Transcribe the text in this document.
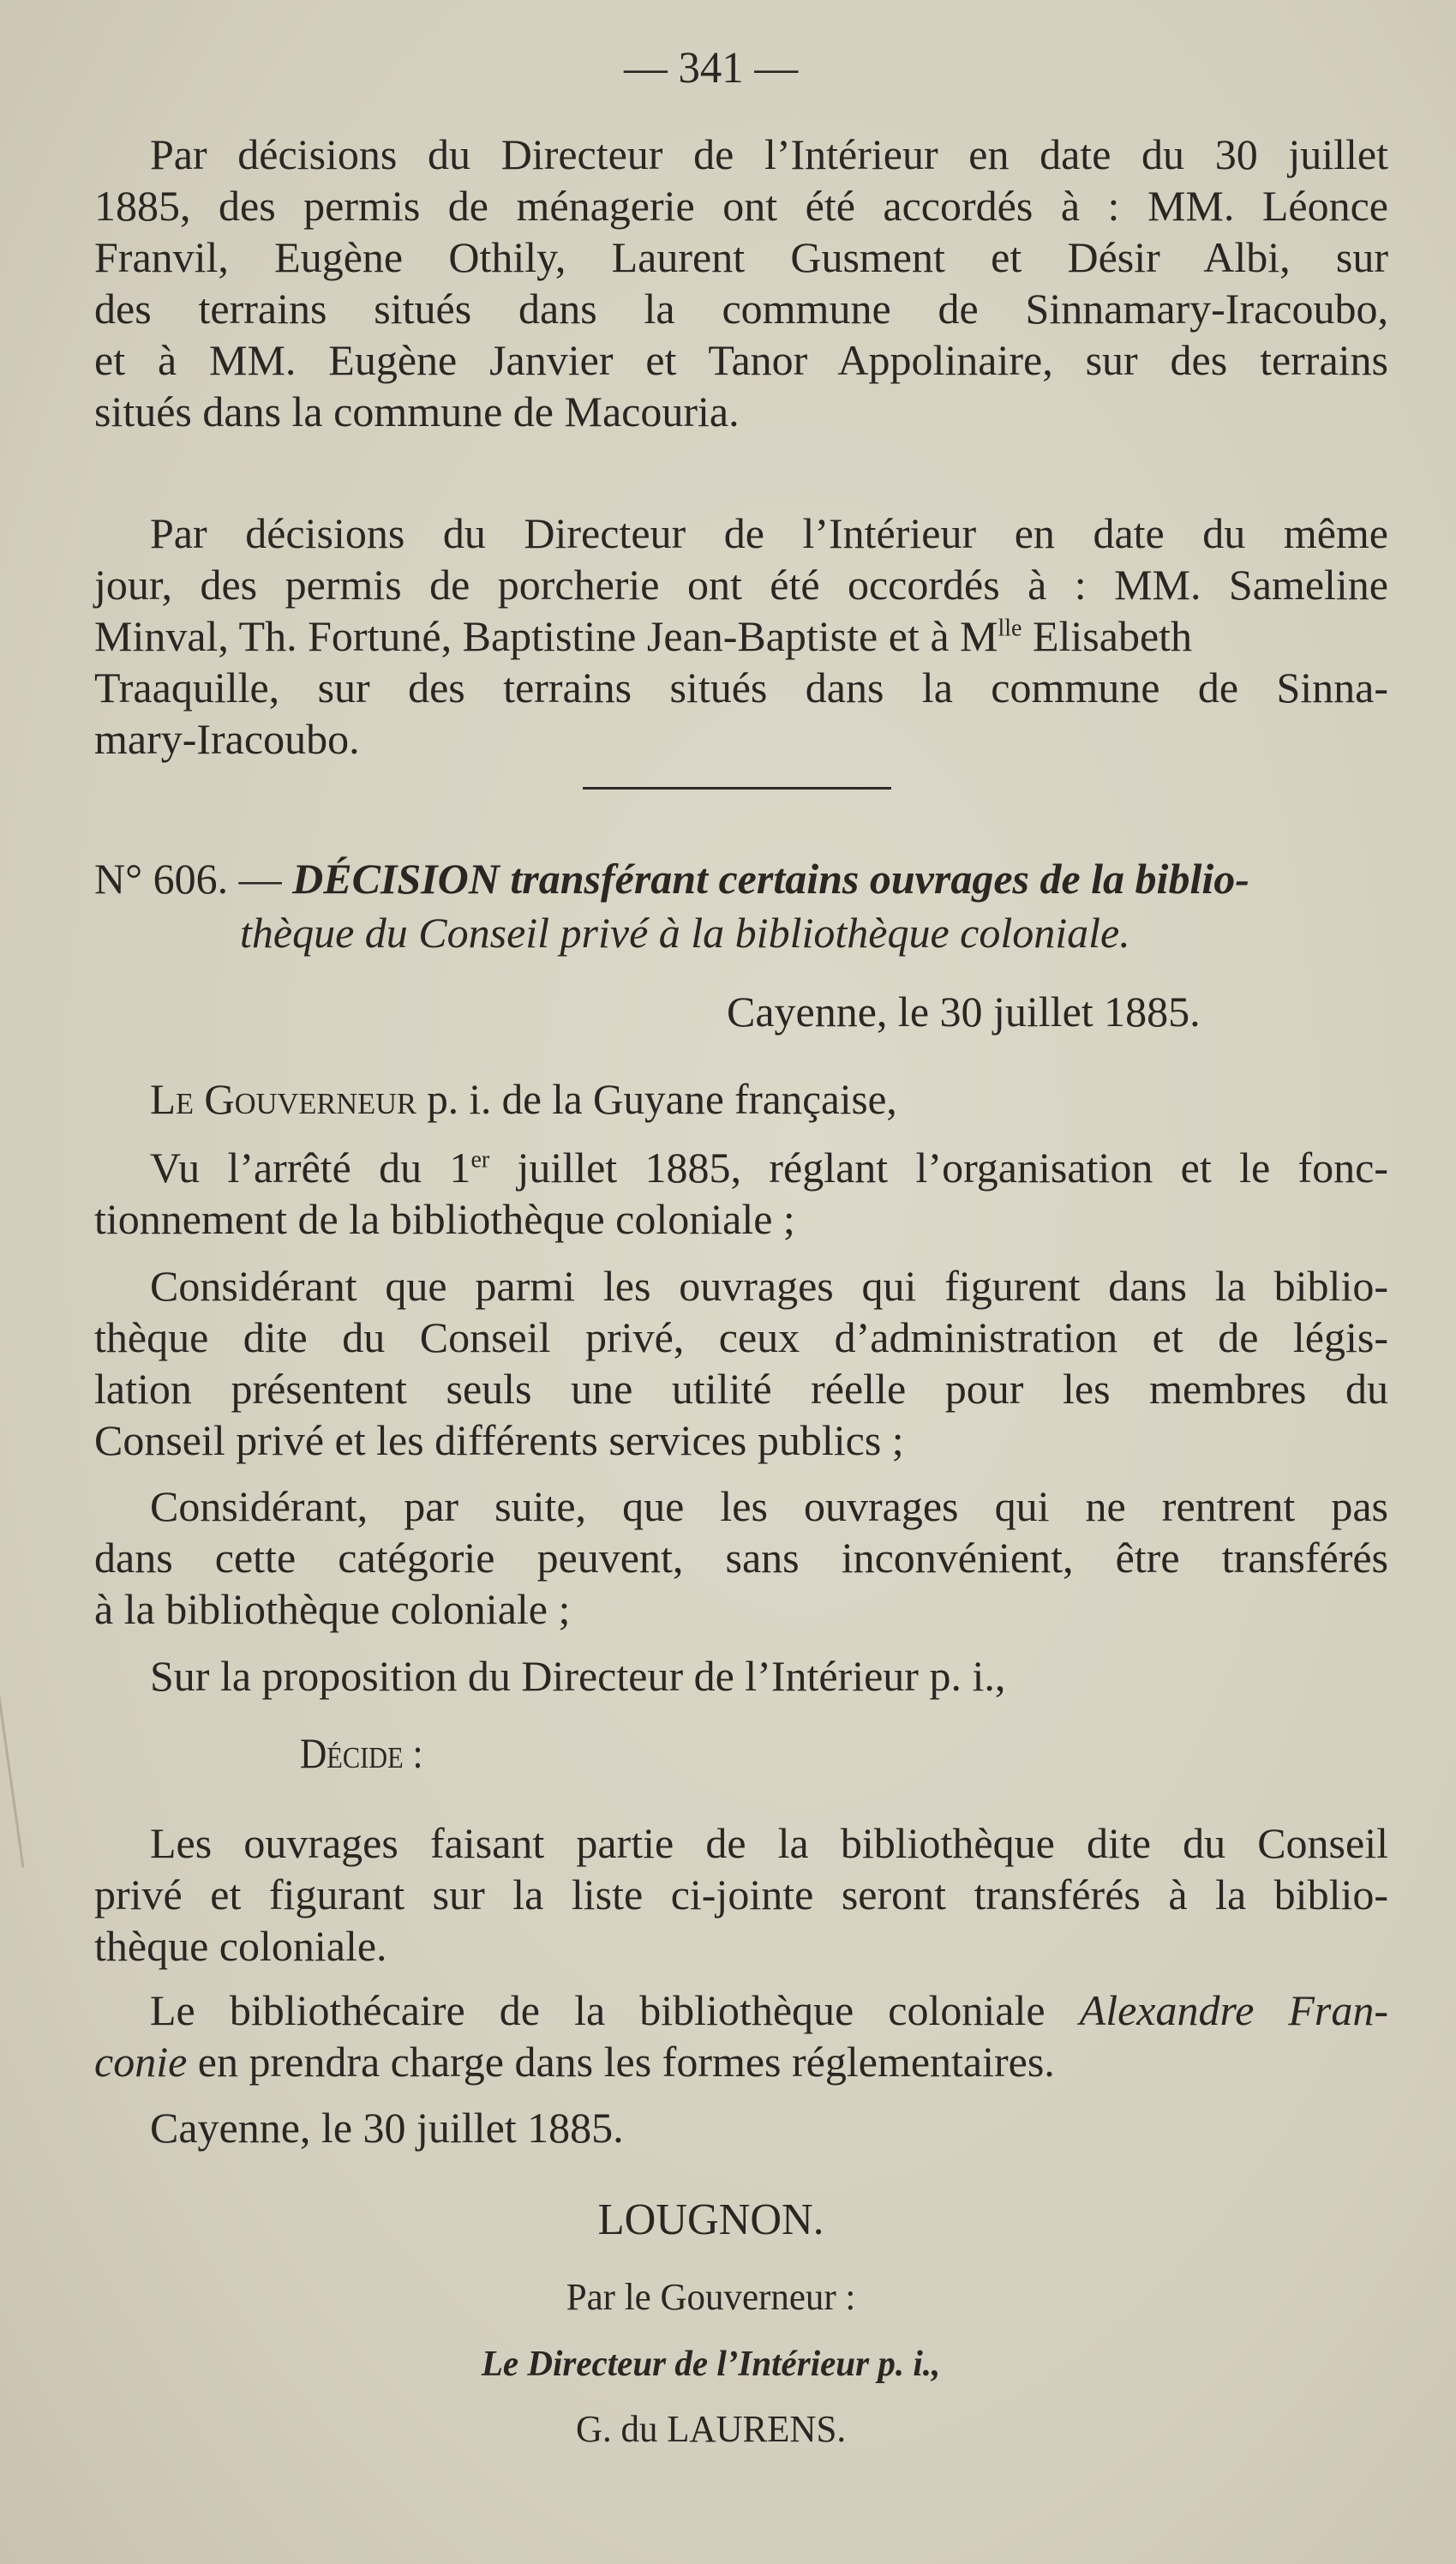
— 341 —
Par décisions du Directeur de l’Intérieur en date du 30 juillet
1885, des permis de ménagerie ont été accordés à : MM. Léonce
Franvil, Eugène Othily, Laurent Gusment et Désir Albi, sur
des terrains situés dans la commune de Sinnamary-Iracoubo,
et à MM. Eugène Janvier et Tanor Appolinaire, sur des terrains
situés dans la commune de Macouria.
Par décisions du Directeur de l’Intérieur en date du même
jour, des permis de porcherie ont été occordés à : MM. Sameline
Minval, Th. Fortuné, Baptistine Jean-Baptiste et à $M^{lle}$ Elisabeth
Traaquille, sur des terrains situés dans la commune de Sinna-
mary-Iracoubo.
N° 606. — DÉCISION transférant certains ouvrages de la biblio-
thèque du Conseil privé à la bibliothèque coloniale.
Cayenne, le 30 juillet 1885.
Le Gouverneur p. i. de la Guyane française,
Vu l’arrêté du 1er juillet 1885, réglant l’organisation et le fonc-
tionnement de la bibliothèque coloniale ;
Considérant que parmi les ouvrages qui figurent dans la biblio-
thèque dite du Conseil privé, ceux d’administration et de légis-
lation présentent seuls une utilité réelle pour les membres du
Conseil privé et les différents services publics ;
Considérant, par suite, que les ouvrages qui ne rentrent pas
dans cette catégorie peuvent, sans inconvénient, être transférés
à la bibliothèque coloniale ;
Sur la proposition du Directeur de l’Intérieur p. i.,
Décide :
Les ouvrages faisant partie de la bibliothèque dite du Conseil
privé et figurant sur la liste ci-jointe seront transférés à la biblio-
thèque coloniale.
Le bibliothécaire de la bibliothèque coloniale Alexandre Fran-
conie en prendra charge dans les formes réglementaires.
Cayenne, le 30 juillet 1885.
LOUGNON.
Par le Gouverneur :
Le Directeur de l’Intérieur p. i.,
G. du LAURENS.
